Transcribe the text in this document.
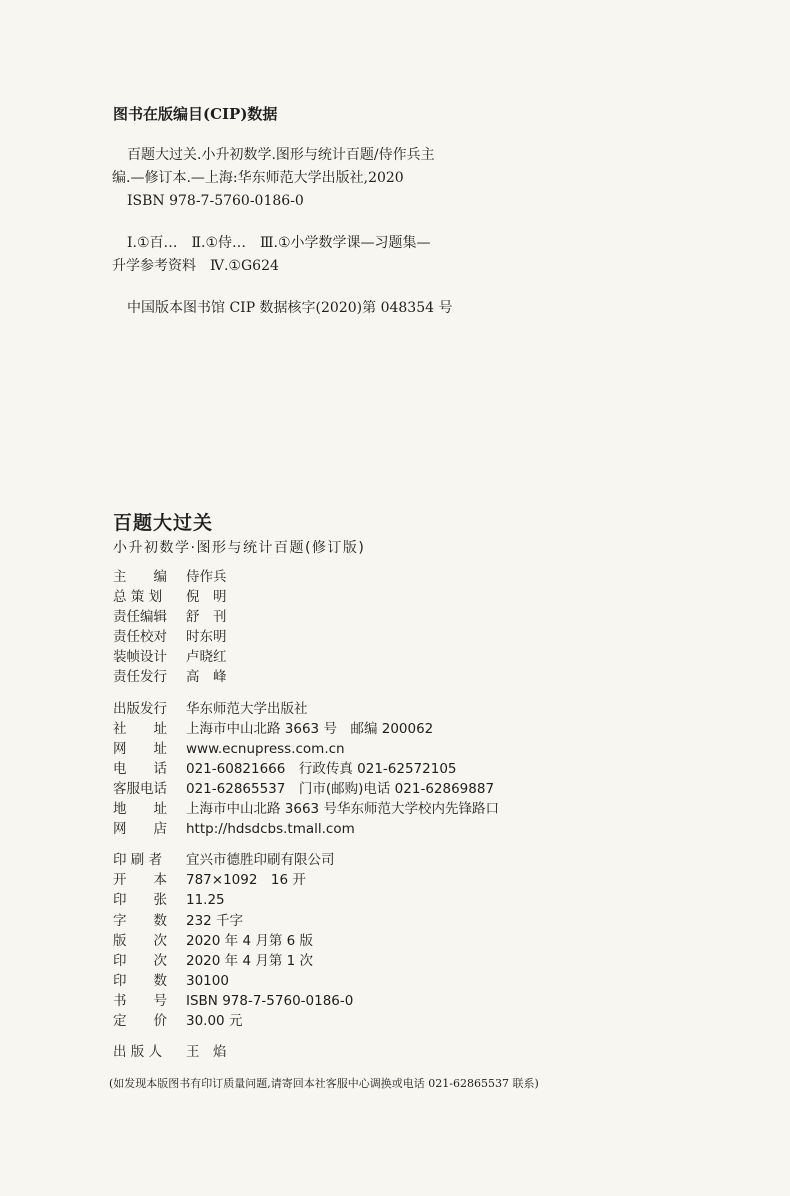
图书在版编目(CIP)数据
百题大过关.小升初数学.图形与统计百题/侍作兵主
编.—修订本.—上海:华东师范大学出版社,2020
ISBN 978-7-5760-0186-0
Ⅰ.①百…　Ⅱ.①侍…　Ⅲ.①小学数学课—习题集—
升学参考资料　Ⅳ.①G624
中国版本图书馆 CIP 数据核字(2020)第 048354 号
百题大过关
小升初数学·图形与统计百题(修订版)
主　　编	侍作兵
总 策 划	倪　明
责任编辑	舒　刊
责任校对	时东明
装帧设计	卢晓红
责任发行	高　峰
出版发行	华东师范大学出版社
社　　址	上海市中山北路 3663 号　邮编 200062
网　　址	www.ecnupress.com.cn
电　　话	021-60821666　行政传真 021-62572105
客服电话	021-62865537　门市(邮购)电话 021-62869887
地　　址	上海市中山北路 3663 号华东师范大学校内先锋路口
网　　店	http://hdsdcbs.tmall.com
印 刷 者	宜兴市德胜印刷有限公司
开　　本	787×1092　16 开
印　　张	11.25
字　　数	232 千字
版　　次	2020 年 4 月第 6 版
印　　次	2020 年 4 月第 1 次
印　　数	30100
书　　号	ISBN 978-7-5760-0186-0
定　　价	30.00 元
出 版 人	王　焰
(如发现本版图书有印订质量问题,请寄回本社客服中心调换或电话 021-62865537 联系)
